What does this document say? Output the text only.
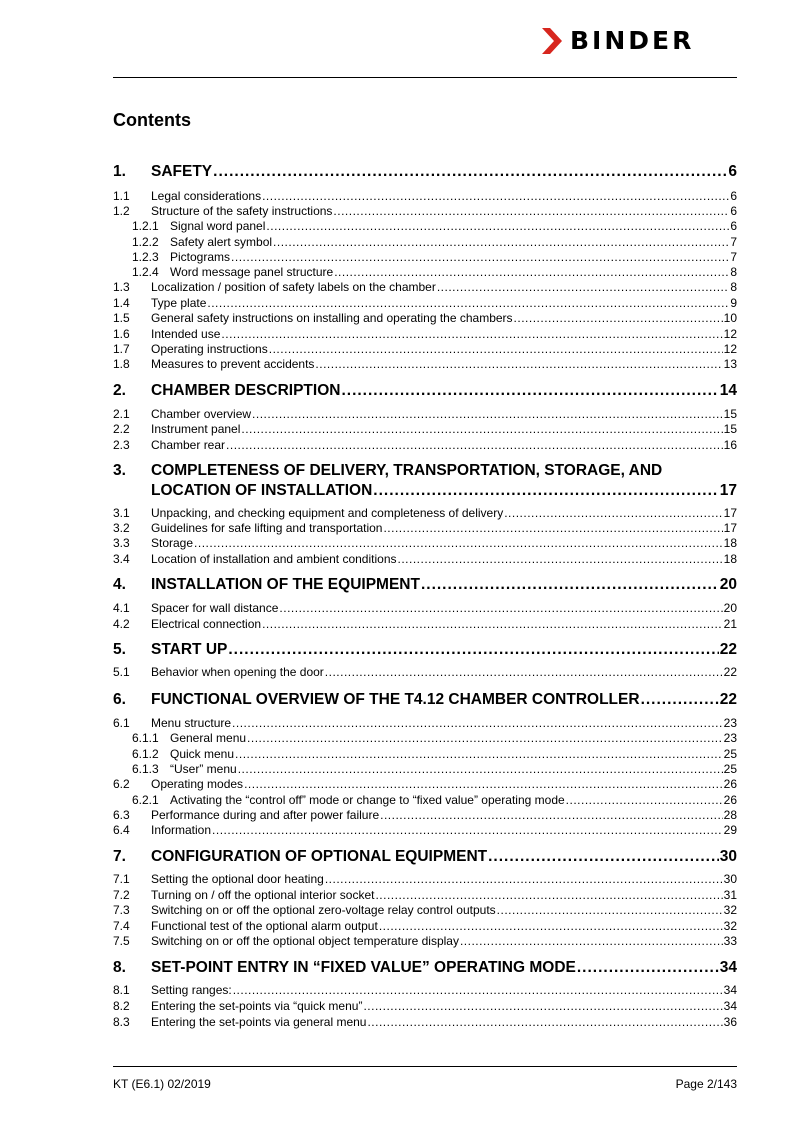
BINDER
Contents
1.	SAFETY .....	6
1.1	Legal considerations .....	6
1.2	Structure of the safety instructions .....	6
1.2.1 Signal word panel .....	6
1.2.2 Safety alert symbol .....	7
1.2.3 Pictograms .....	7
1.2.4 Word message panel structure .....	8
1.3	Localization / position of safety labels on the chamber .....	8
1.4	Type plate .....	9
1.5	General safety instructions on installing and operating the chambers .....	10
1.6	Intended use .....	12
1.7	Operating instructions .....	12
1.8	Measures to prevent accidents .....	13
2.	CHAMBER DESCRIPTION .....	14
2.1	Chamber overview .....	15
2.2	Instrument panel .....	15
2.3	Chamber rear .....	16
3.	COMPLETENESS OF DELIVERY, TRANSPORTATION, STORAGE, AND
LOCATION OF INSTALLATION .....	17
3.1	Unpacking, and checking equipment and completeness of delivery .....	17
3.2	Guidelines for safe lifting and transportation .....	17
3.3	Storage .....	18
3.4	Location of installation and ambient conditions .....	18
4.	INSTALLATION OF THE EQUIPMENT .....	20
4.1	Spacer for wall distance .....	20
4.2	Electrical connection .....	21
5.	START UP .....	22
5.1	Behavior when opening the door .....	22
6.	FUNCTIONAL OVERVIEW OF THE T4.12 CHAMBER CONTROLLER .....	22
6.1	Menu structure .....	23
6.1.1 General menu .....	23
6.1.2 Quick menu .....	25
6.1.3 “User” menu .....	25
6.2	Operating modes .....	26
6.2.1 Activating the “control off” mode or change to “fixed value” operating mode .....	26
6.3	Performance during and after power failure .....	28
6.4	Information .....	29
7.	CONFIGURATION OF OPTIONAL EQUIPMENT .....	30
7.1	Setting the optional door heating .....	30
7.2	Turning on / off the optional interior socket .....	31
7.3	Switching on or off the optional zero-voltage relay control outputs .....	32
7.4	Functional test of the optional alarm output .....	32
7.5	Switching on or off the optional object temperature display .....	33
8.	SET-POINT ENTRY IN “FIXED VALUE” OPERATING MODE .....	34
8.1	Setting ranges: .....	34
8.2	Entering the set-points via “quick menu” .....	34
8.3	Entering the set-points via general menu .....	36
KT (E6.1) 02/2019	Page 2/143
